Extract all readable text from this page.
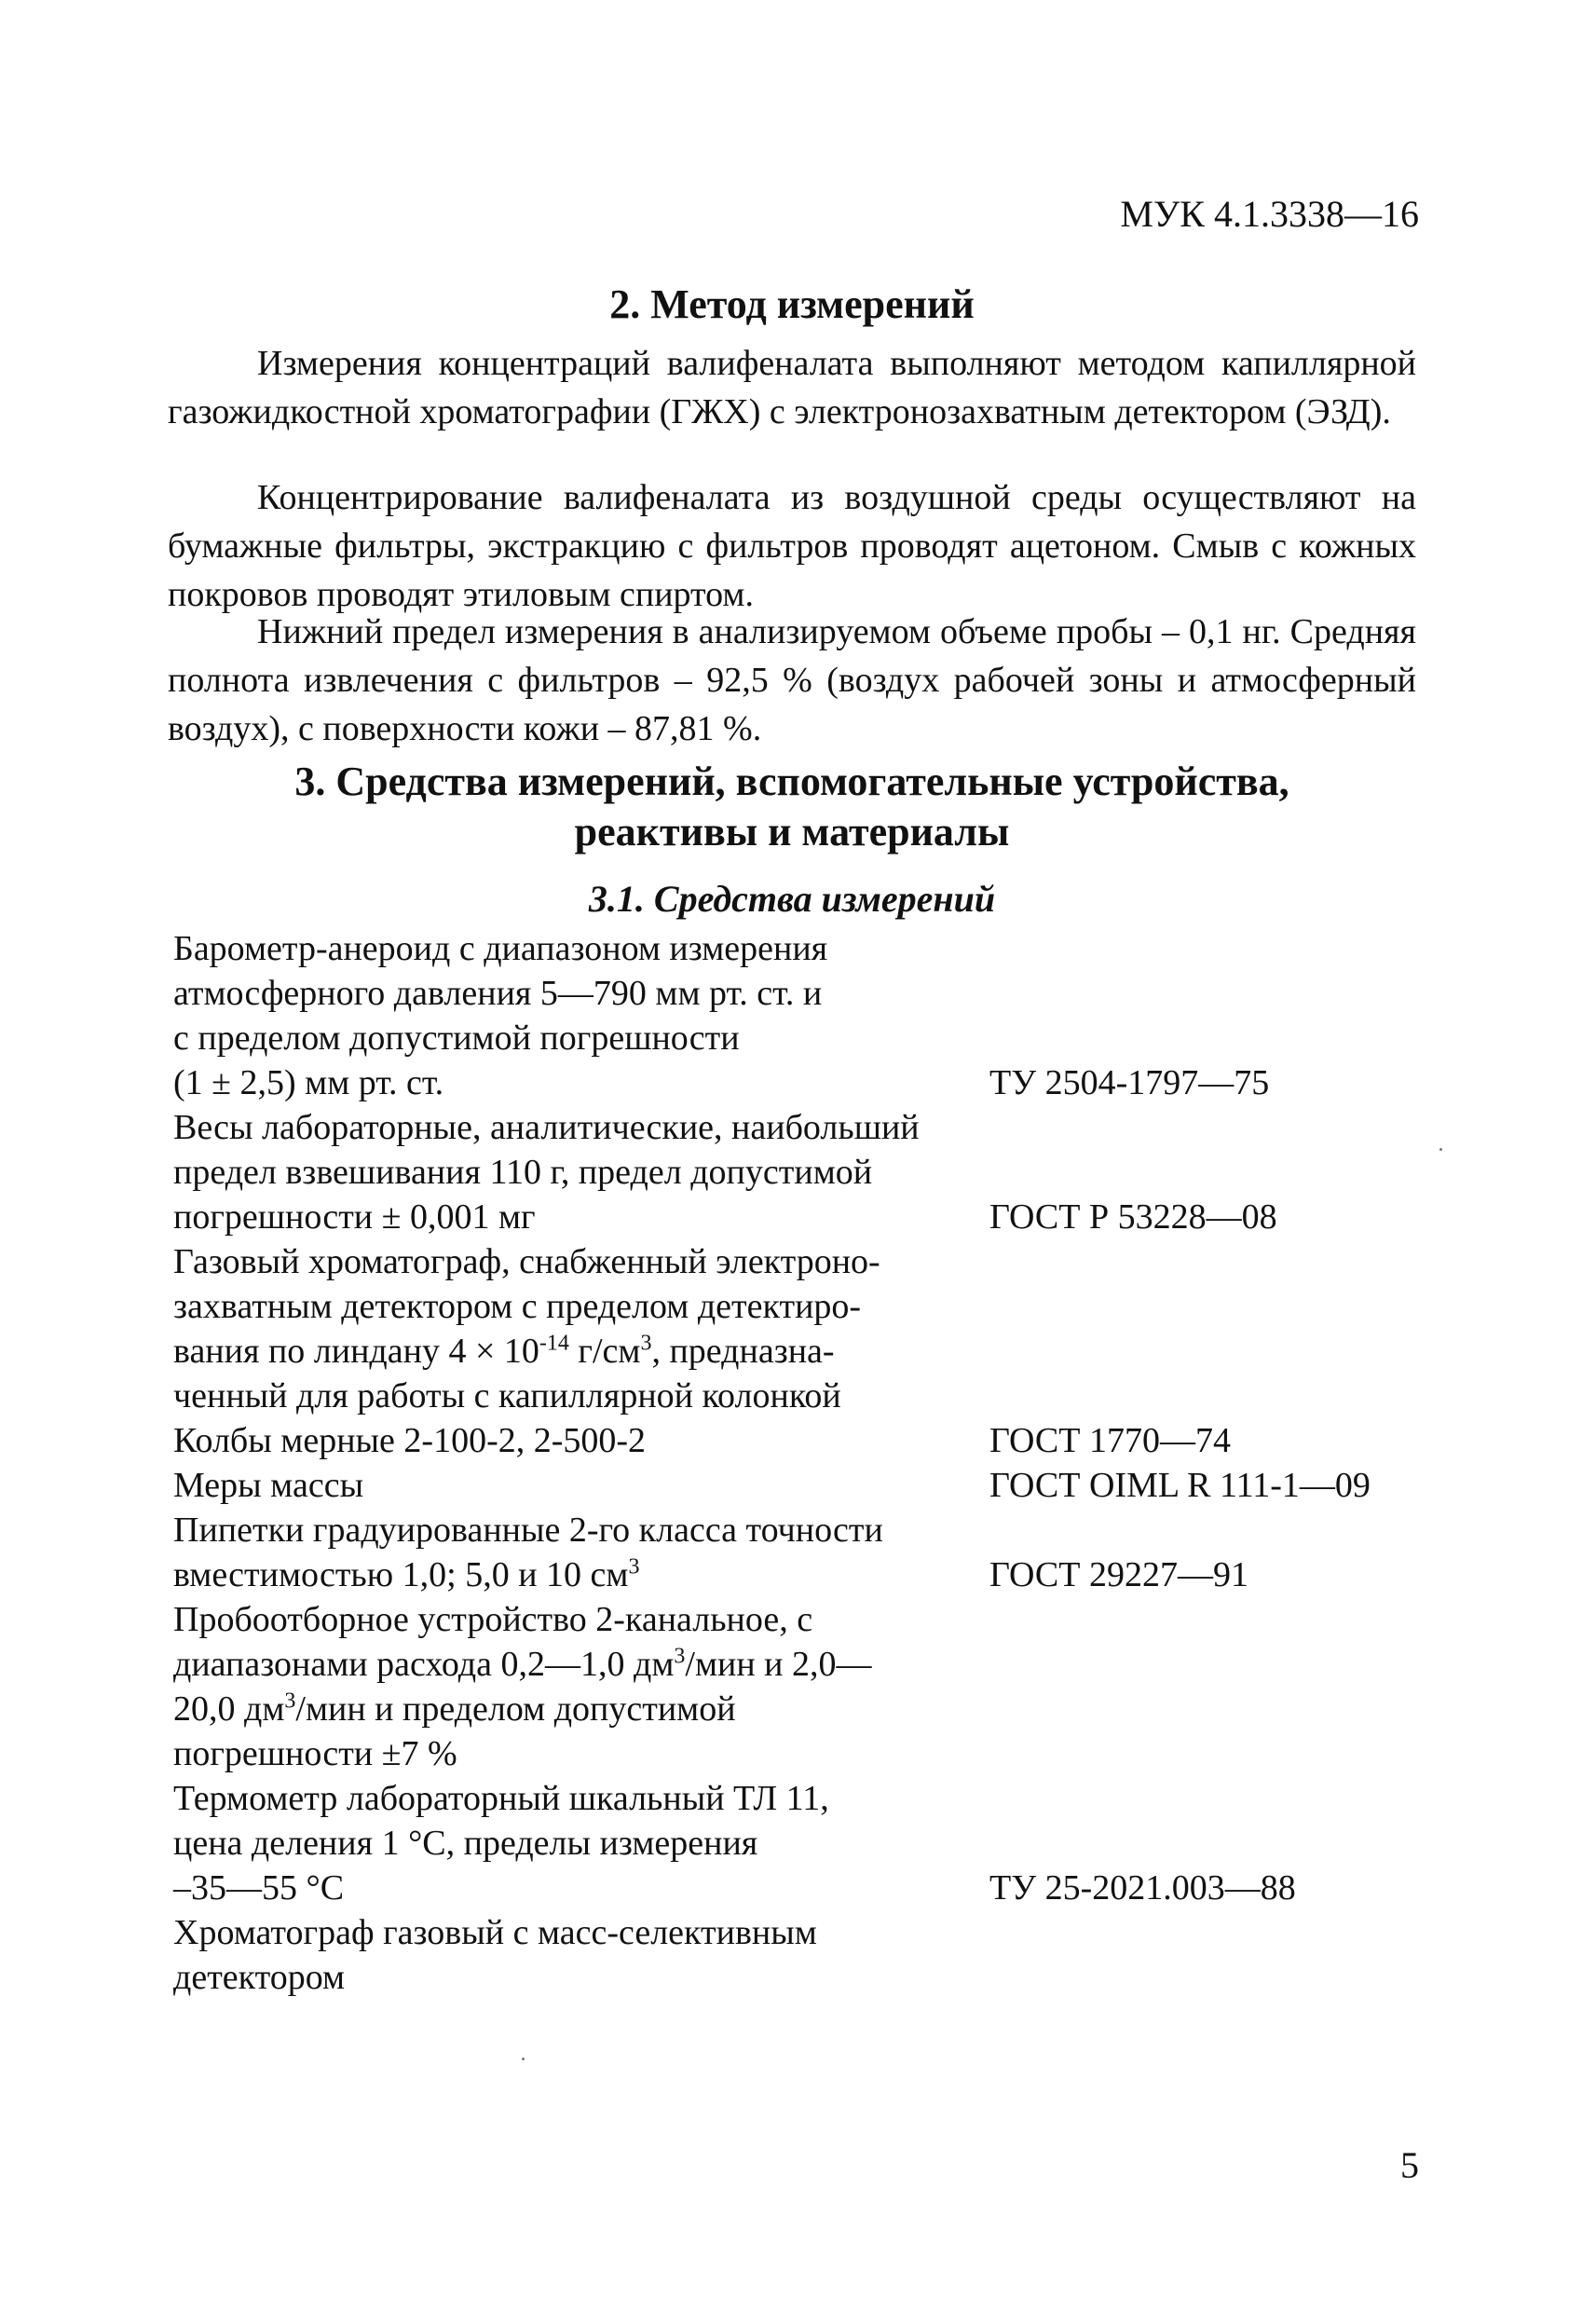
МУК 4.1.3338—16
2. Метод измерений
Измерения концентраций валифеналата выполняют методом капиллярной газожидкостной хроматографии (ГЖХ) с электронозахватным детектором (ЭЗД).
Концентрирование валифеналата из воздушной среды осуществляют на бумажные фильтры, экстракцию с фильтров проводят ацетоном. Смыв с кожных покровов проводят этиловым спиртом.
Нижний предел измерения в анализируемом объеме пробы – 0,1 нг. Средняя полнота извлечения с фильтров – 92,5 % (воздух рабочей зоны и атмосферный воздух), с поверхности кожи – 87,81 %.
3. Средства измерений, вспомогательные устройства,
реактивы и материалы
3.1. Средства измерений
Барометр-анероид с диапазоном измерения
атмосферного давления 5—790 мм рт. ст. и
с пределом допустимой погрешности
(1 ± 2,5) мм рт. ст.	ТУ 2504-1797—75
Весы лабораторные, аналитические, наибольший
предел взвешивания 110 г, предел допустимой
погрешности ± 0,001 мг	ГОСТ Р 53228—08
Газовый хроматограф, снабженный электроно-
захватным детектором с пределом детектиро-
вания по линдану $4 \times 10^{-14}$ $г/см^3$, предназна-
ченный для работы с капиллярной колонкой
Колбы мерные 2-100-2, 2-500-2	ГОСТ 1770—74
Меры массы	ГОСТ OIML R 111-1—09
Пипетки градуированные 2-го класса точности
вместимостью 1,0; 5,0 и 10 $см^3$	ГОСТ 29227—91
Пробоотборное устройство 2-канальное, с
диапазонами расхода 0,2—1,0 $дм^3$/мин и 2,0—
20,0 $дм^3$/мин и пределом допустимой
погрешности ±7 %
Термометр лабораторный шкальный ТЛ 11,
цена деления 1 °С, пределы измерения
–35—55 °С	ТУ 25-2021.003—88
Хроматограф газовый с масс-селективным
детектором
5
